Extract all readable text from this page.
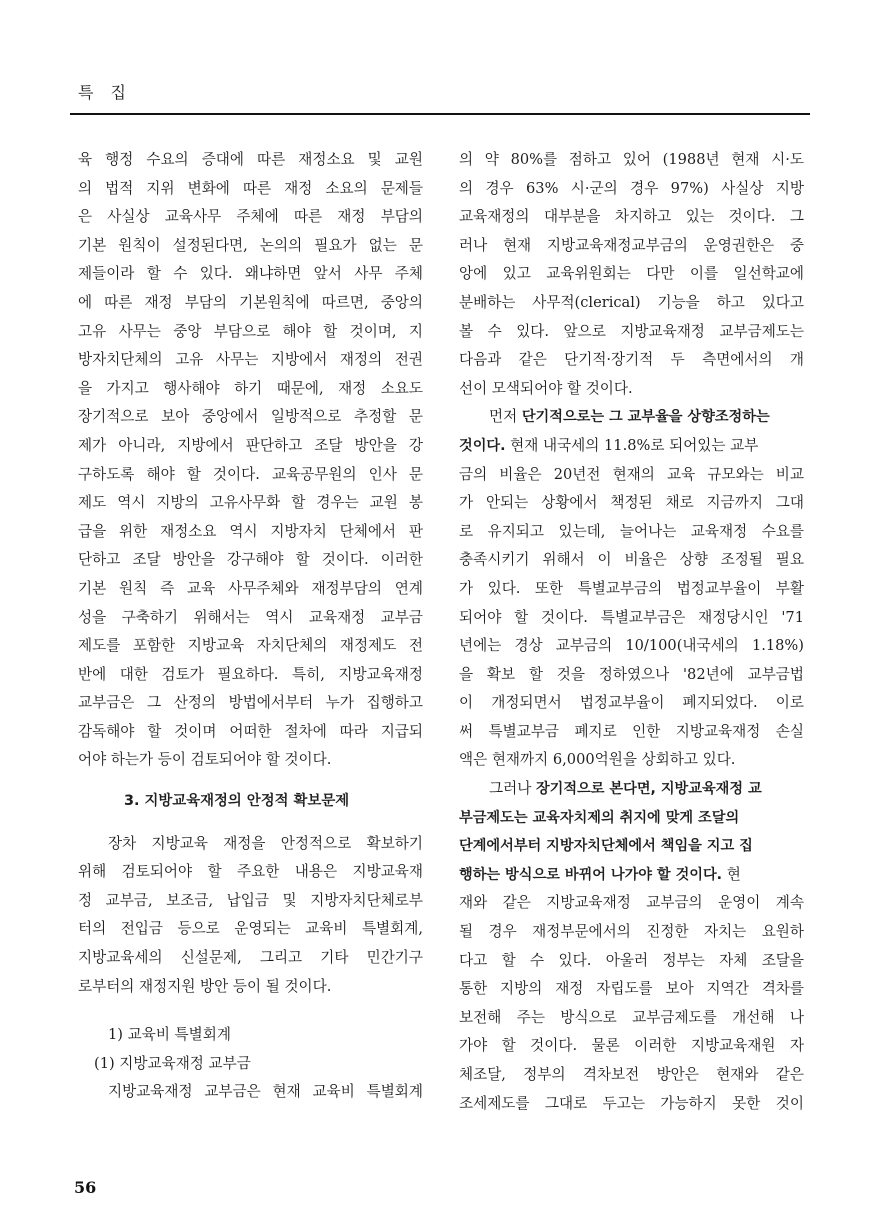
특 집
육 행정 수요의 증대에 따른 재정소요 및 교원
의 법적 지위 변화에 따른 재정 소요의 문제들
은 사실상 교육사무 주체에 따른 재정 부담의
기본 원칙이 설정된다면, 논의의 필요가 없는 문
제들이라 할 수 있다. 왜냐하면 앞서 사무 주체
에 따른 재정 부담의 기본원칙에 따르면, 중앙의
고유 사무는 중앙 부담으로 해야 할 것이며, 지
방자치단체의 고유 사무는 지방에서 재정의 전권
을 가지고 행사해야 하기 때문에, 재정 소요도
장기적으로 보아 중앙에서 일방적으로 추정할 문
제가 아니라, 지방에서 판단하고 조달 방안을 강
구하도록 해야 할 것이다. 교육공무원의 인사 문
제도 역시 지방의 고유사무화 할 경우는 교원 봉
급을 위한 재정소요 역시 지방자치 단체에서 판
단하고 조달 방안을 강구해야 할 것이다. 이러한
기본 원칙 즉 교육 사무주체와 재정부담의 연계
성을 구축하기 위해서는 역시 교육재정 교부금
제도를 포함한 지방교육 자치단체의 재정제도 전
반에 대한 검토가 필요하다. 특히, 지방교육재정
교부금은 그 산정의 방법에서부터 누가 집행하고
감독해야 할 것이며 어떠한 절차에 따라 지급되
어야 하는가 등이 검토되어야 할 것이다.
3. 지방교육재정의 안정적 확보문제
장차 지방교육 재정을 안정적으로 확보하기
위해 검토되어야 할 주요한 내용은 지방교육재
정 교부금, 보조금, 납입금 및 지방자치단체로부
터의 전입금 등으로 운영되는 교육비 특별회계,
지방교육세의 신설문제, 그리고 기타 민간기구
로부터의 재정지원 방안 등이 될 것이다.
1) 교육비 특별회계
(1) 지방교육재정 교부금
지방교육재정 교부금은 현재 교육비 특별회계
의 약 80%를 점하고 있어 (1988년 현재 시·도
의 경우 63% 시·군의 경우 97%) 사실상 지방
교육재정의 대부분을 차지하고 있는 것이다. 그
러나 현재 지방교육재정교부금의 운영권한은 중
앙에 있고 교육위원회는 다만 이를 일선학교에
분배하는 사무적(clerical) 기능을 하고 있다고
볼 수 있다. 앞으로 지방교육재정 교부금제도는
다음과 같은 단기적·장기적 두 측면에서의 개
선이 모색되어야 할 것이다.
먼저 단기적으로는 그 교부율을 상향조정하는
것이다. 현재 내국세의 11.8%로 되어있는 교부
금의 비율은 20년전 현재의 교육 규모와는 비교
가 안되는 상황에서 책정된 채로 지금까지 그대
로 유지되고 있는데, 늘어나는 교육재정 수요를
충족시키기 위해서 이 비율은 상향 조정될 필요
가 있다. 또한 특별교부금의 법정교부율이 부활
되어야 할 것이다. 특별교부금은 재정당시인 '71
년에는 경상 교부금의 10/100(내국세의 1.18%)
을 확보 할 것을 정하였으나 '82년에 교부금법
이 개정되면서 법정교부율이 폐지되었다. 이로
써 특별교부금 폐지로 인한 지방교육재정 손실
액은 현재까지 6,000억원을 상회하고 있다.
그러나 장기적으로 본다면, 지방교육재정 교
부금제도는 교육자치제의 취지에 맞게 조달의
단계에서부터 지방자치단체에서 책임을 지고 집
행하는 방식으로 바뀌어 나가야 할 것이다. 현
재와 같은 지방교육재정 교부금의 운영이 계속
될 경우 재정부문에서의 진정한 자치는 요원하
다고 할 수 있다. 아울러 정부는 자체 조달을
통한 지방의 재정 자립도를 보아 지역간 격차를
보전해 주는 방식으로 교부금제도를 개선해 나
가야 할 것이다. 물론 이러한 지방교육재원 자
체조달, 정부의 격차보전 방안은 현재와 같은
조세제도를 그대로 두고는 가능하지 못한 것이
56
